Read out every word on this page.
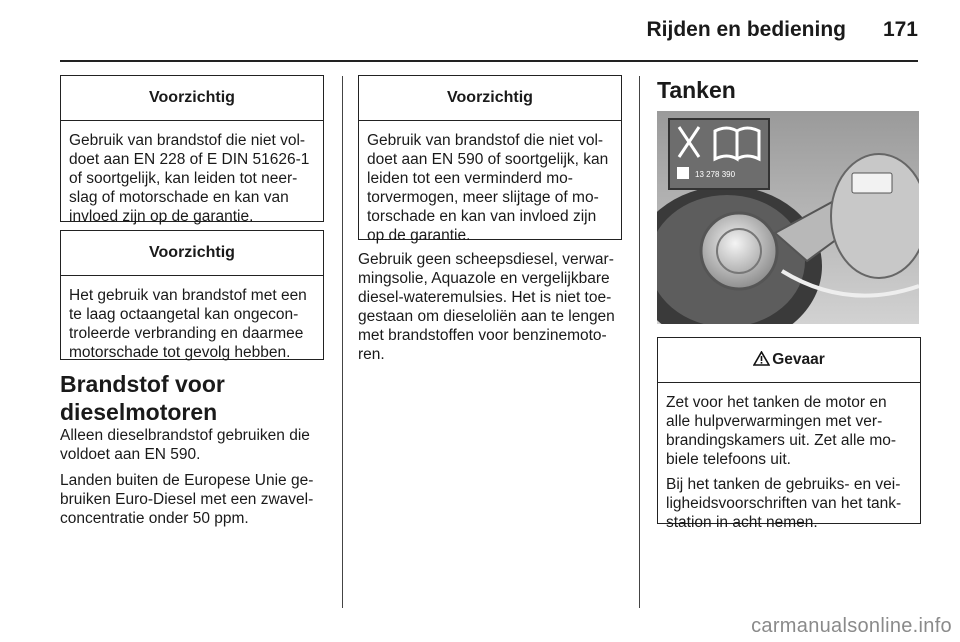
Rijden en bediening 171
Voorzichtig

Gebruik van brandstof die niet vol-doet aan EN 228 of E DIN 51626-1 of soortgelijk, kan leiden tot neer-slag of motorschade en kan van invloed zijn op de garantie.

Voorzichtig

Het gebruik van brandstof met een te laag octaangetal kan ongecon-troleerde verbranding en daarmee motorschade tot gevolg hebben.

Brandstof voor dieselmotoren

Alleen dieselbrandstof gebruiken die voldoet aan EN 590.

Landen buiten de Europese Unie ge-bruiken Euro-Diesel met een zwavel-concentratie onder 50 ppm.

Voorzichtig

Gebruik van brandstof die niet vol-doet aan EN 590 of soortgelijk, kan leiden tot een verminderd mo-torvermogen, meer slijtage of mo-torschade en kan van invloed zijn op de garantie.

Gebruik geen scheepsdiesel, verwar-mingsolie, Aquazole en vergelijkbare diesel-wateremulsies. Het is niet toe-gestaan om dieseloliën aan te lengen met brandstoffen voor benzinemoto-ren.

Tanken
13 278 390
Gevaar

Zet voor het tanken de motor en alle hulpverwarmingen met ver-brandingskamers uit. Zet alle mo-biele telefoons uit.

Bij het tanken de gebruiks- en vei-ligheidsvoorschriften van het tank-station in acht nemen.

carmanualsonline.info
